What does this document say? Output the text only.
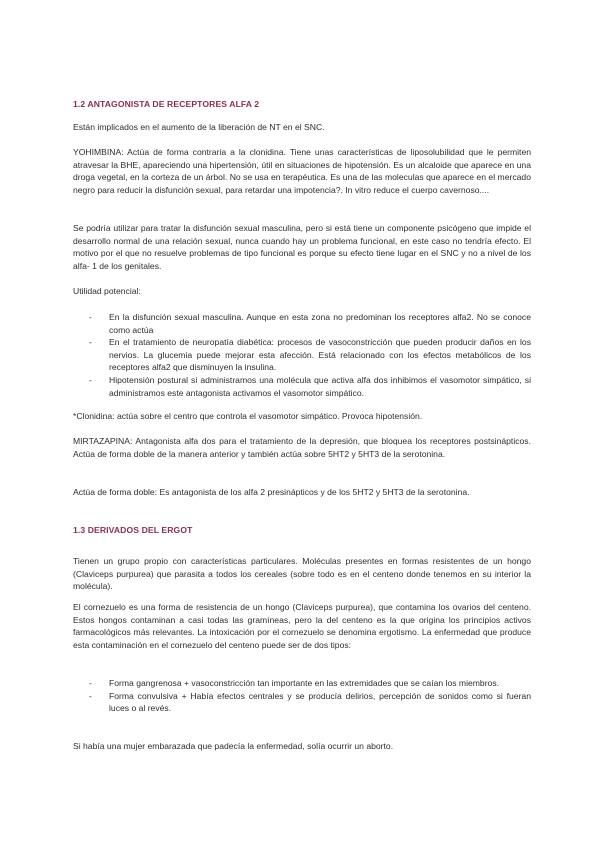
1.2 ANTAGONISTA DE RECEPTORES ALFA 2

Están implicados en el aumento de la liberación de NT en el SNC.

YOHIMBINA: Actúa de forma contraria a la clonidina. Tiene unas características de liposolubilidad que le permiten atravesar la BHE, apareciendo una hipertensión, útil en situaciones de hipotensión. Es un alcaloide que aparece en una droga vegetal, en la corteza de un árbol. No se usa en terapéutica. Es una de las moleculas que aparece en el mercado negro para reducir la disfunción sexual, para retardar una impotencia?. In vitro reduce el cuerpo cavernoso....

Se podría utilizar para tratar la disfunción sexual masculina, pero si está tiene un componente psicógeno que impide el desarrollo normal de una relación sexual, nunca cuando hay un problema funcional, en este caso no tendría efecto. El motivo por el que no resuelve problemas de tipo funcional es porque su efecto tiene lugar en el SNC y no a nivel de los alfa- 1 de los genitales.

Utilidad potencial:

- En la disfunción sexual masculina. Aunque en esta zona no predominan los receptores alfa2. No se conoce como actúa
- En el tratamiento de neuropatía diabética: procesos de vasoconstricción que pueden producir daños en los nervios. La glucemia puede mejorar esta afección. Está relacionado con los efectos metabólicos de los receptores alfa2 que disminuyen la insulina.
- Hipotensión postural si administramos una molécula que activa alfa dos inhibimos el vasomotor simpático, si administramos este antagonista activamos el vasomotor simpático.

*Clonidina: actúa sobre el centro que controla el vasomotor simpático. Provoca hipotensión.

MIRTAZAPINA: Antagonista alfa dos para el tratamiento de la depresión, que bloquea los receptores postsinápticos. Actúa de forma doble de la manera anterior y también actúa sobre 5HT2 y 5HT3 de la serotonina.

Actúa de forma doble: Es antagonista de los alfa 2 presinápticos y de los 5HT2 y 5HT3 de la serotonina.

1.3 DERIVADOS DEL ERGOT

Tienen un grupo propio con características particulares. Moléculas presentes en formas resistentes de un hongo (Claviceps purpurea) que parasita a todos los cereales (sobre todo es en el centeno donde tenemos en su interior la molécula).

El cornezuelo es una forma de resistencia de un hongo (Claviceps purpurea), que contamina los ovarios del centeno. Estos hongos contaminan a casi todas las gramíneas, pero la del centeno es la que origina los principios activos farmacológicos más relevantes. La intoxicación por el cornezuelo se denomina ergotismo. La enfermedad que produce esta contaminación en el cornezuelo del centeno puede ser de dos tipos:

- Forma gangrenosa + vasoconstricción tan importante en las extremidades que se caían los miembros.
- Forma convulsiva + Había efectos centrales y se producía delirios, percepción de sonidos como si fueran luces o al revés.

Si había una mujer embarazada que padecía la enfermedad, solía ocurrir un aborto.
